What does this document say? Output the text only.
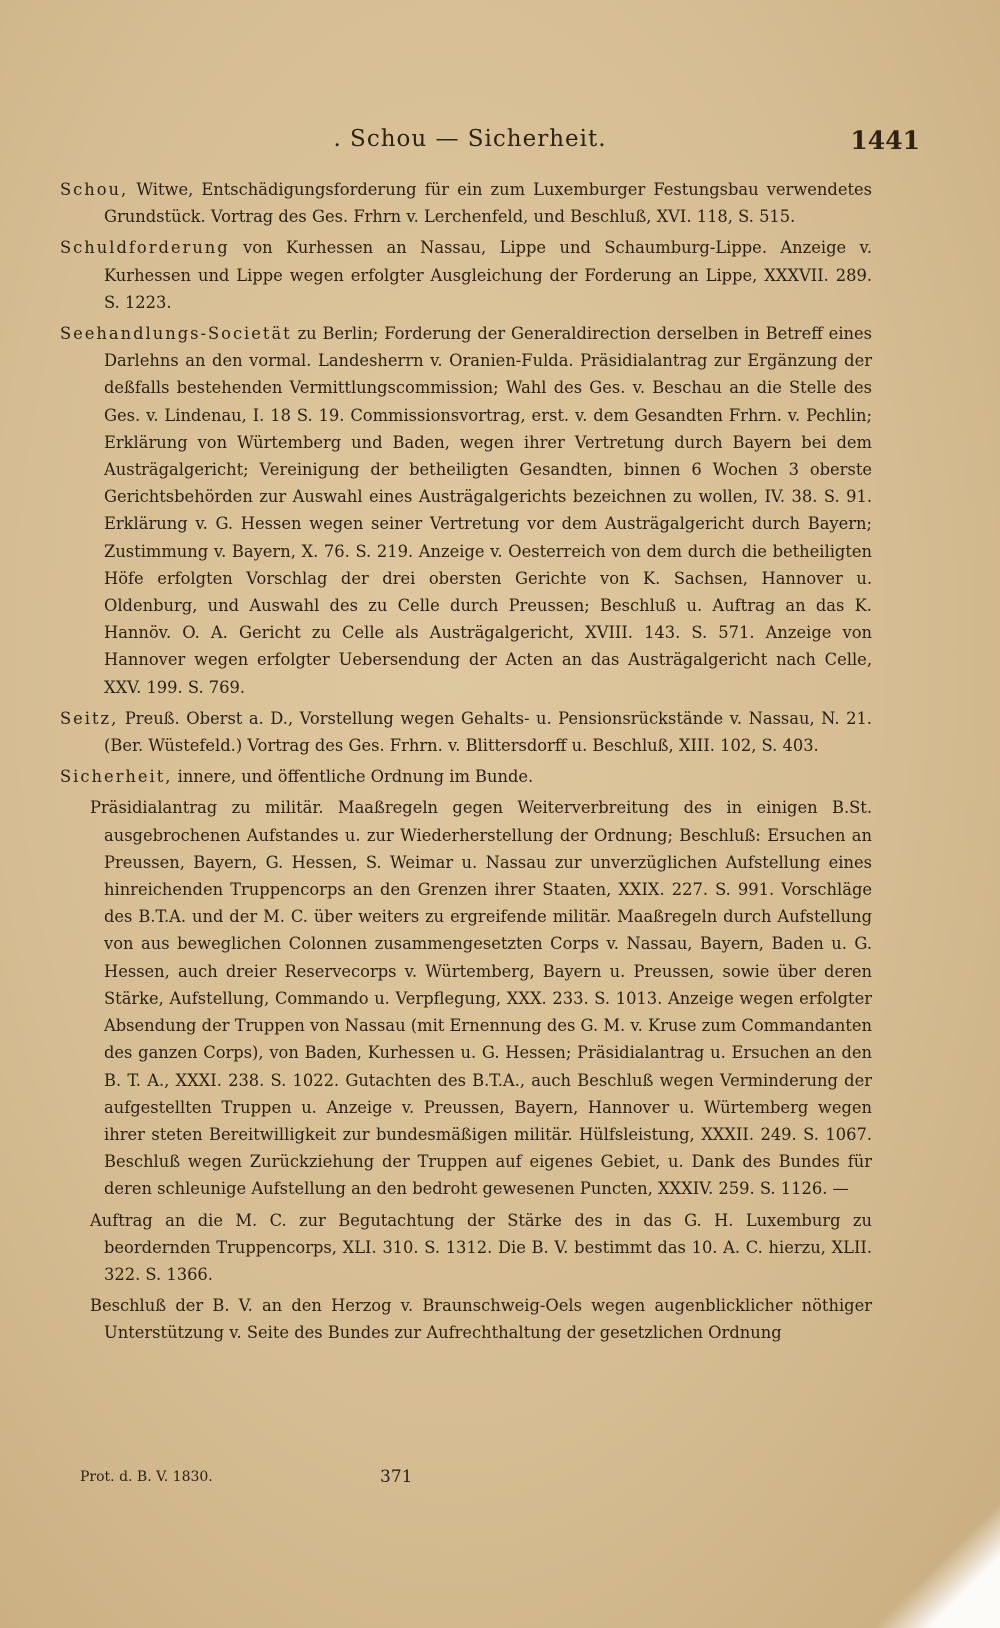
. Schou — Sicherheit.	1441

Schou, Witwe, Entschädigungsforderung für ein zum Luxemburger Festungsbau verwendetes Grundstück. Vortrag des Ges. Frhrn v. Lerchenfeld, und Beschluß, XVI. 118, S. 515.

Schuldforderung von Kurhessen an Nassau, Lippe und Schaumburg-Lippe. Anzeige v. Kurhessen und Lippe wegen erfolgter Ausgleichung der Forderung an Lippe, XXXVII. 289. S. 1223.

Seehandlungs-Societät zu Berlin; Forderung der Generaldirection derselben in Betreff eines Darlehns an den vormal. Landesherrn v. Oranien-Fulda. Präsidialantrag zur Ergänzung der deßfalls bestehenden Vermittlungscommission; Wahl des Ges. v. Beschau an die Stelle des Ges. v. Lindenau, I. 18 S. 19. Commissionsvortrag, erst. v. dem Gesandten Frhrn. v. Pechlin; Erklärung von Würtemberg und Baden, wegen ihrer Vertretung durch Bayern bei dem Austrägalgericht; Vereinigung der betheiligten Gesandten, binnen 6 Wochen 3 oberste Gerichtsbehörden zur Auswahl eines Austrägalgerichts bezeichnen zu wollen, IV. 38. S. 91. Erklärung v. G. Hessen wegen seiner Vertretung vor dem Austrägalgericht durch Bayern; Zustimmung v. Bayern, X. 76. S. 219. Anzeige v. Oesterreich von dem durch die betheiligten Höfe erfolgten Vorschlag der drei obersten Gerichte von K. Sachsen, Hannover u. Oldenburg, und Auswahl des zu Celle durch Preussen; Beschluß u. Auftrag an das K. Hannöv. O. A. Gericht zu Celle als Austrägalgericht, XVIII. 143. S. 571. Anzeige von Hannover wegen erfolgter Uebersendung der Acten an das Austrägalgericht nach Celle, XXV. 199. S. 769.

Seitz, Preuß. Oberst a. D., Vorstellung wegen Gehalts- u. Pensionsrückstände v. Nassau, N. 21. (Ber. Wüstefeld.) Vortrag des Ges. Frhrn. v. Blittersdorff u. Beschluß, XIII. 102, S. 403.

Sicherheit, innere, und öffentliche Ordnung im Bunde.

Präsidialantrag zu militär. Maaßregeln gegen Weiterverbreitung des in einigen B.St. ausgebrochenen Aufstandes u. zur Wiederherstellung der Ordnung; Beschluß: Ersuchen an Preussen, Bayern, G. Hessen, S. Weimar u. Nassau zur unverzüglichen Aufstellung eines hinreichenden Truppencorps an den Grenzen ihrer Staaten, XXIX. 227. S. 991. Vorschläge des B.T.A. und der M. C. über weiters zu ergreifende militär. Maaßregeln durch Aufstellung von aus beweglichen Colonnen zusammengesetzten Corps v. Nassau, Bayern, Baden u. G. Hessen, auch dreier Reservecorps v. Würtemberg, Bayern u. Preussen, sowie über deren Stärke, Aufstellung, Commando u. Verpflegung, XXX. 233. S. 1013. Anzeige wegen erfolgter Absendung der Truppen von Nassau (mit Ernennung des G. M. v. Kruse zum Commandanten des ganzen Corps), von Baden, Kurhessen u. G. Hessen; Präsidialantrag u. Ersuchen an den B. T. A., XXXI. 238. S. 1022. Gutachten des B.T.A., auch Beschluß wegen Verminderung der aufgestellten Truppen u. Anzeige v. Preussen, Bayern, Hannover u. Würtemberg wegen ihrer steten Bereitwilligkeit zur bundesmäßigen militär. Hülfsleistung, XXXII. 249. S. 1067. Beschluß wegen Zurückziehung der Truppen auf eigenes Gebiet, u. Dank des Bundes für deren schleunige Aufstellung an den bedroht gewesenen Puncten, XXXIV. 259. S. 1126. —

Auftrag an die M. C. zur Begutachtung der Stärke des in das G. H. Luxemburg zu beordernden Truppencorps, XLI. 310. S. 1312. Die B. V. bestimmt das 10. A. C. hierzu, XLII. 322. S. 1366.

Beschluß der B. V. an den Herzog v. Braunschweig-Oels wegen augenblicklicher nöthiger Unterstützung v. Seite des Bundes zur Aufrechthaltung der gesetzlichen Ordnung

Prot. d. B. V. 1830.	371
